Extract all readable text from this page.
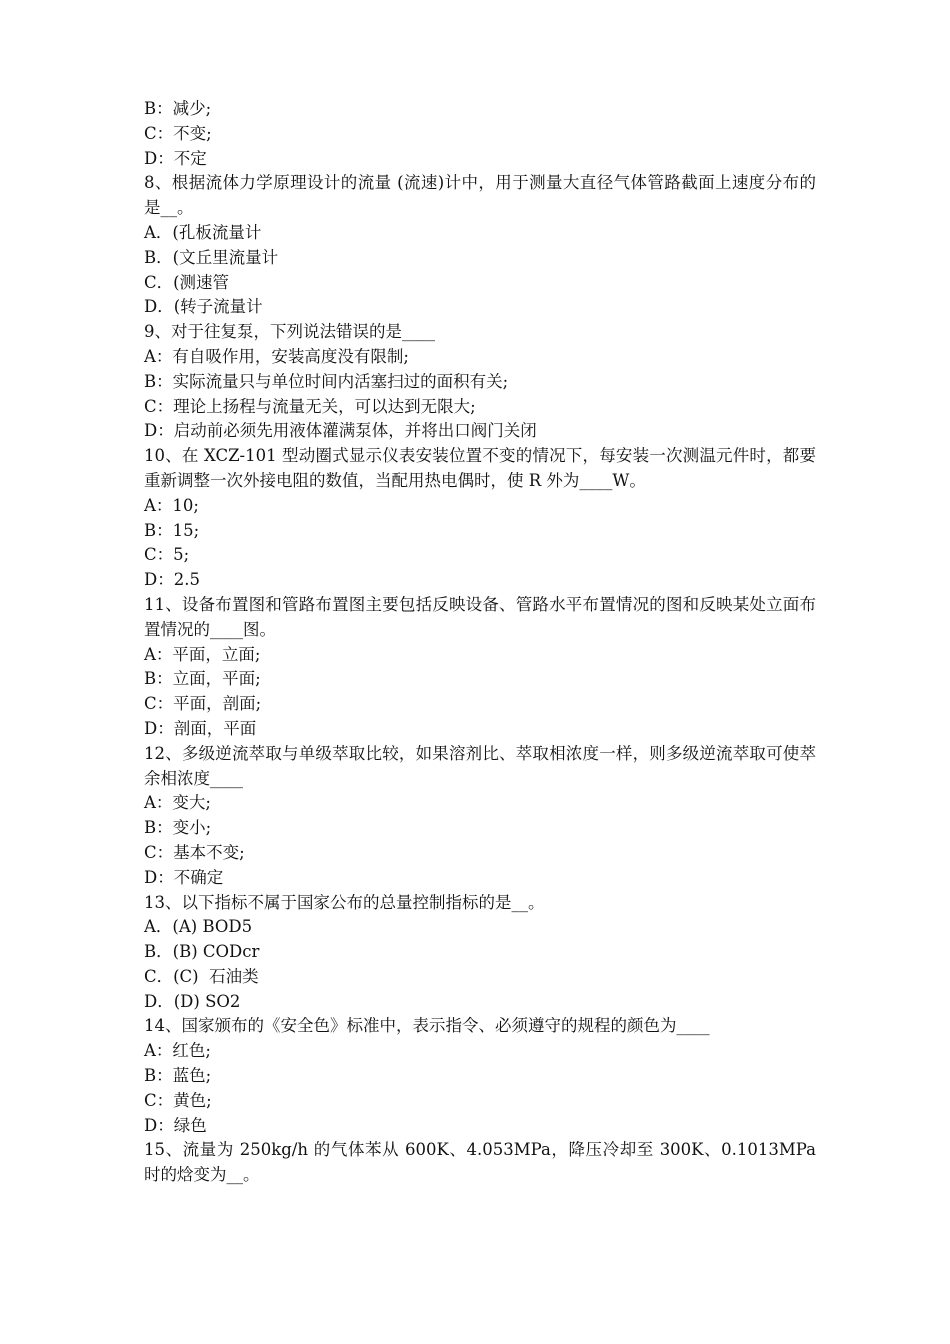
B：减少;
C：不变;
D：不定
8、根据流体力学原理设计的流量 (流速)计中，用于测量大直径气体管路截面上速度分布的是__。
A．(孔板流量计
B．(文丘里流量计
C．(测速管
D．(转子流量计
9、对于往复泵，下列说法错误的是____
A：有自吸作用，安装高度没有限制;
B：实际流量只与单位时间内活塞扫过的面积有关;
C：理论上扬程与流量无关，可以达到无限大;
D：启动前必须先用液体灌满泵体，并将出口阀门关闭
10、在 XCZ-101 型动圈式显示仪表安装位置不变的情况下，每安装一次测温元件时，都要重新调整一次外接电阻的数值，当配用热电偶时，使 R 外为____W。
A：10;
B：15;
C：5;
D：2.5
11、设备布置图和管路布置图主要包括反映设备、管路水平布置情况的图和反映某处立面布置情况的____图。
A：平面，立面;
B：立面，平面;
C：平面，剖面;
D：剖面，平面
12、多级逆流萃取与单级萃取比较，如果溶剂比、萃取相浓度一样，则多级逆流萃取可使萃余相浓度____
A：变大;
B：变小;
C：基本不变;
D：不确定
13、以下指标不属于国家公布的总量控制指标的是__。
A．(A) BOD5
B．(B) CODcr
C．(C)  石油类
D．(D) SO2
14、国家颁布的《安全色》标准中，表示指令、必须遵守的规程的颜色为____
A：红色;
B：蓝色;
C：黄色;
D：绿色
15、流量为 250kg/h 的气体苯从 600K、4.053MPa，降压冷却至 300K、0.1013MPa 时的焓变为__。
